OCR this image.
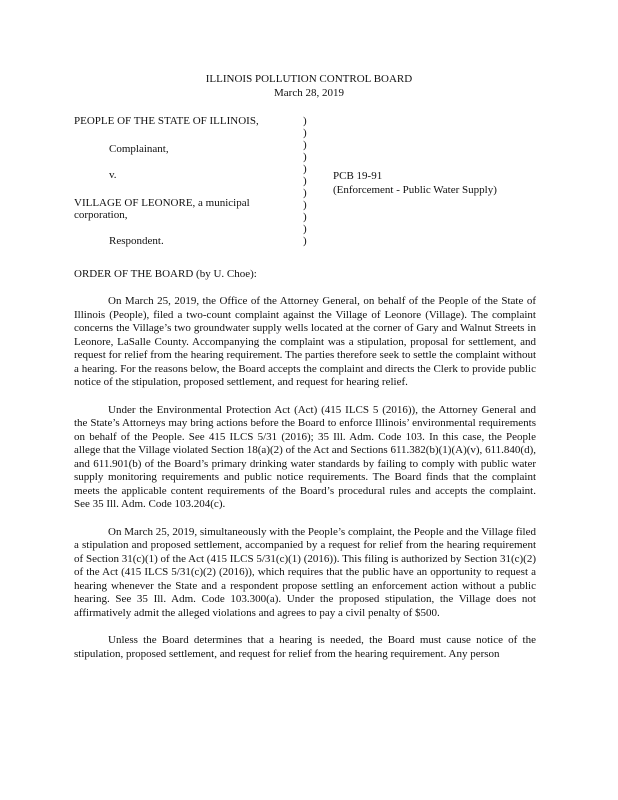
ILLINOIS POLLUTION CONTROL BOARD
March 28, 2019
PEOPLE OF THE STATE OF ILLINOIS,
Complainant,
v.
VILLAGE OF LEONORE, a municipal
corporation,
Respondent.
)
)
)
)
)
)
)
)
)
)
)
PCB 19-91
(Enforcement - Public Water Supply)
ORDER OF THE BOARD (by U. Choe):

On March 25, 2019, the Office of the Attorney General, on behalf of the People of the State of Illinois (People), filed a two-count complaint against the Village of Leonore (Village). The complaint concerns the Village’s two groundwater supply wells located at the corner of Gary and Walnut Streets in Leonore, LaSalle County. Accompanying the complaint was a stipulation, proposal for settlement, and request for relief from the hearing requirement. The parties therefore seek to settle the complaint without a hearing. For the reasons below, the Board accepts the complaint and directs the Clerk to provide public notice of the stipulation, proposed settlement, and request for hearing relief.

Under the Environmental Protection Act (Act) (415 ILCS 5 (2016)), the Attorney General and the State’s Attorneys may bring actions before the Board to enforce Illinois’ environmental requirements on behalf of the People. See 415 ILCS 5/31 (2016); 35 Ill. Adm. Code 103. In this case, the People allege that the Village violated Section 18(a)(2) of the Act and Sections 611.382(b)(1)(A)(v), 611.840(d), and 611.901(b) of the Board’s primary drinking water standards by failing to comply with public water supply monitoring requirements and public notice requirements. The Board finds that the complaint meets the applicable content requirements of the Board’s procedural rules and accepts the complaint. See 35 Ill. Adm. Code 103.204(c).

On March 25, 2019, simultaneously with the People’s complaint, the People and the Village filed a stipulation and proposed settlement, accompanied by a request for relief from the hearing requirement of Section 31(c)(1) of the Act (415 ILCS 5/31(c)(1) (2016)). This filing is authorized by Section 31(c)(2) of the Act (415 ILCS 5/31(c)(2) (2016)), which requires that the public have an opportunity to request a hearing whenever the State and a respondent propose settling an enforcement action without a public hearing. See 35 Ill. Adm. Code 103.300(a). Under the proposed stipulation, the Village does not affirmatively admit the alleged violations and agrees to pay a civil penalty of $500.

Unless the Board determines that a hearing is needed, the Board must cause notice of the stipulation, proposed settlement, and request for relief from the hearing requirement. Any person
